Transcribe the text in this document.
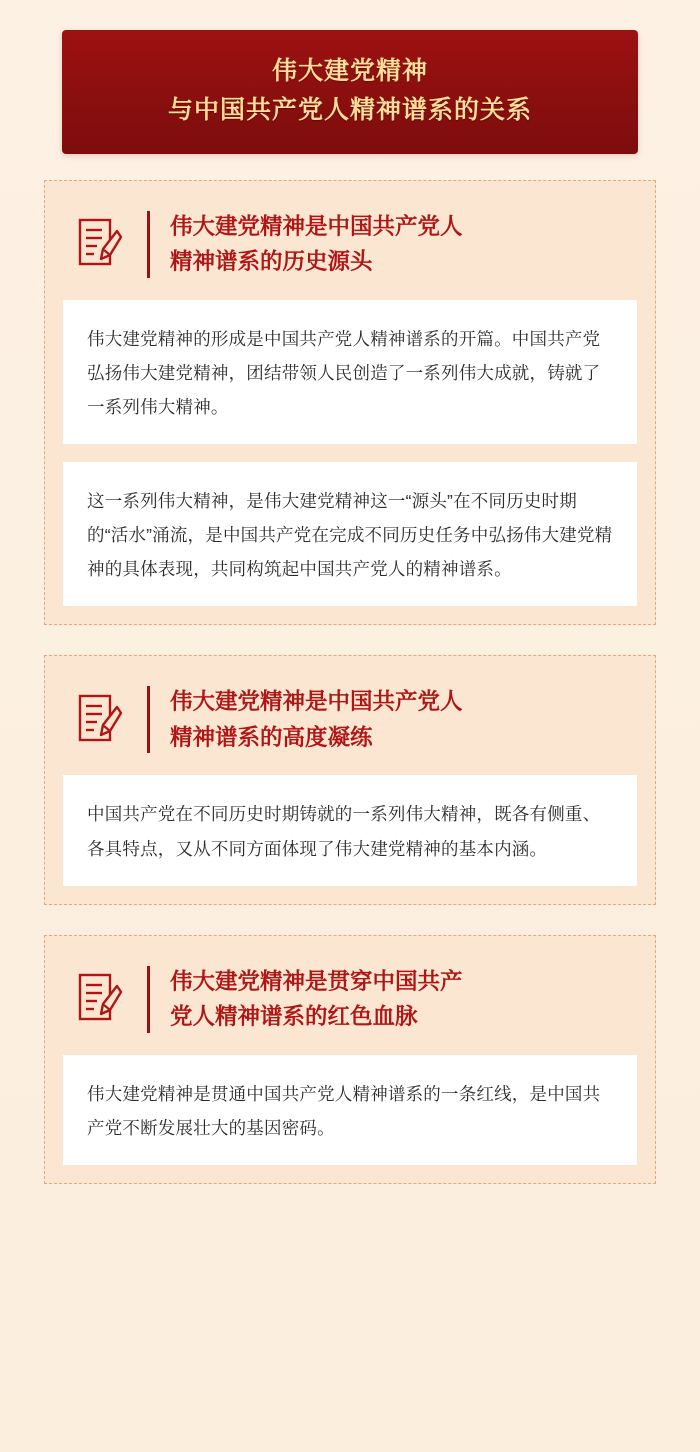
伟大建党精神
与中国共产党人精神谱系的关系
伟大建党精神是中国共产党人
精神谱系的历史源头
伟大建党精神的形成是中国共产党人精神谱系的开篇。中国共产党弘扬伟大建党精神，团结带领人民创造了一系列伟大成就，铸就了一系列伟大精神。
这一系列伟大精神，是伟大建党精神这一“源头”在不同历史时期的“活水”涌流，是中国共产党在完成不同历史任务中弘扬伟大建党精神的具体表现，共同构筑起中国共产党人的精神谱系。
伟大建党精神是中国共产党人
精神谱系的高度凝练
中国共产党在不同历史时期铸就的一系列伟大精神，既各有侧重、各具特点，又从不同方面体现了伟大建党精神的基本内涵。
伟大建党精神是贯穿中国共产
党人精神谱系的红色血脉
伟大建党精神是贯通中国共产党人精神谱系的一条红线，是中国共产党不断发展壮大的基因密码。
